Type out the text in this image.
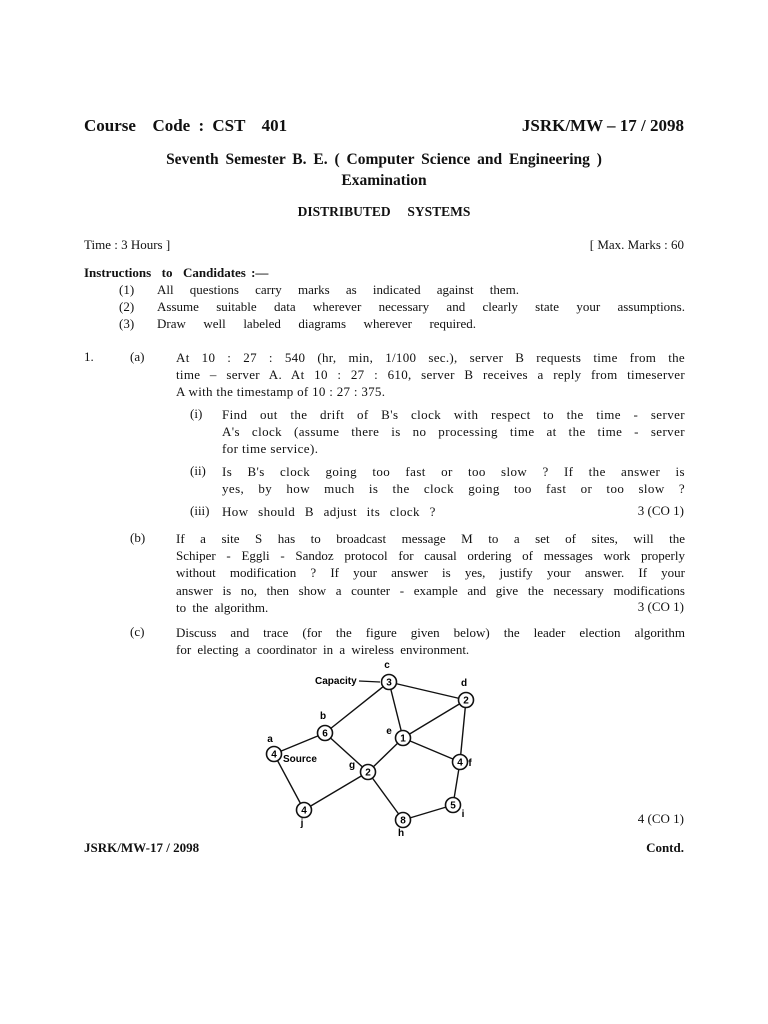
Course  Code : CST  401	JSRK/MW – 17 / 2098
Seventh Semester B. E. ( Computer Science and Engineering )
Examination
DISTRIBUTED  SYSTEMS
Time : 3 Hours ]	[ Max. Marks : 60
Instructions  to  Candidates :—
(1) All questions carry marks as indicated against them.
(2) Assume suitable data wherever necessary and clearly state your assumptions.
(3) Draw well labeled diagrams wherever required.
1.	(a) At 10 : 27 : 540 (hr, min, 1/100 sec.), server B requests time from the
time – server A. At 10 : 27 : 610, server B receives a reply from timeserver
A with the timestamp of 10 : 27 : 375.
(i) Find out the drift of B's clock with respect to the time - server
A's clock (assume there is no processing time at the time - server
for time service).
(ii) Is B's clock going too fast or too slow ? If the answer is
yes, by how much is the clock going too fast or too slow ?
(iii) How should B adjust its clock ?	3 (CO 1)
(b) If a site S has to broadcast message M to a set of sites, will the
Schiper - Eggli - Sandoz protocol for causal ordering of messages work properly
without modification ? If your answer is yes, justify your answer. If your
answer is no, then show a counter - example and give the necessary modifications
to the algorithm.	3 (CO 1)
(c) Discuss and trace (for the figure given below) the leader election algorithm
for electing a coordinator in a wireless environment.
4
a	6
b
3
c
2
d
1
e
4 f
2
g
8
h
5
i
4
j
Capacity
Source
4 (CO 1)
JSRK/MW-17 / 2098	Contd.
